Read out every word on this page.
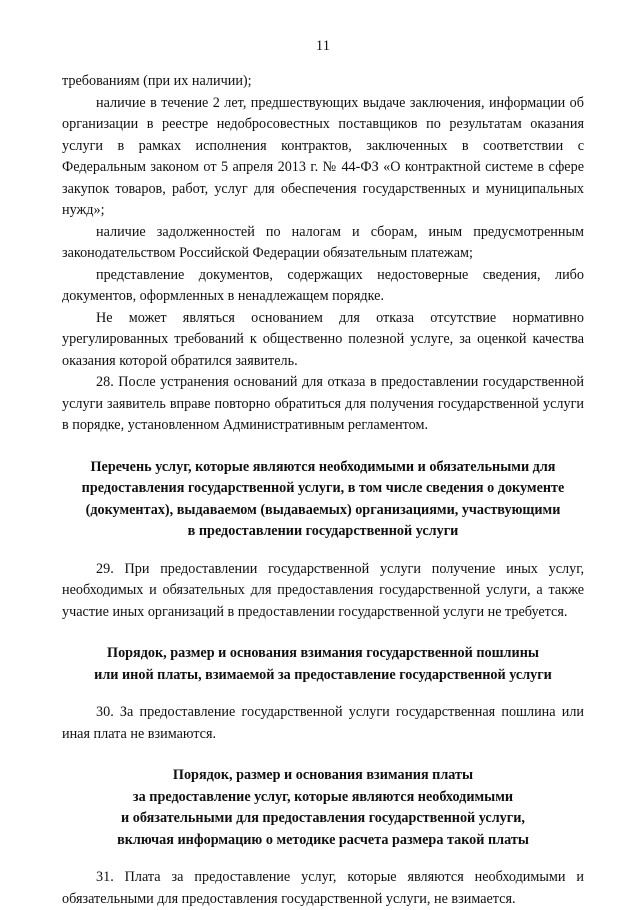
11

требованиям (при их наличии);

наличие в течение 2 лет, предшествующих выдаче заключения, информации об организации в реестре недобросовестных поставщиков по результатам оказания услуги в рамках исполнения контрактов, заключенных в соответствии с Федеральным законом от 5 апреля 2013 г. № 44-ФЗ «О контрактной системе в сфере закупок товаров, работ, услуг для обеспечения государственных и муниципальных нужд»;

наличие задолженностей по налогам и сборам, иным предусмотренным законодательством Российской Федерации обязательным платежам;

представление документов, содержащих недостоверные сведения, либо документов, оформленных в ненадлежащем порядке.

Не может являться основанием для отказа отсутствие нормативно урегулированных требований к общественно полезной услуге, за оценкой качества оказания которой обратился заявитель.

28. После устранения оснований для отказа в предоставлении государственной услуги заявитель вправе повторно обратиться для получения государственной услуги в порядке, установленном Административным регламентом.

Перечень услуг, которые являются необходимыми и обязательными для
предоставления государственной услуги, в том числе сведения о документе
(документах), выдаваемом (выдаваемых) организациями, участвующими
в предоставлении государственной услуги

29. При предоставлении государственной услуги получение иных услуг, необходимых и обязательных для предоставления государственной услуги, а также участие иных организаций в предоставлении государственной услуги не требуется.

Порядок, размер и основания взимания государственной пошлины
или иной платы, взимаемой за предоставление государственной услуги

30. За предоставление государственной услуги государственная пошлина или иная плата не взимаются.

Порядок, размер и основания взимания платы
за предоставление услуг, которые являются необходимыми
и обязательными для предоставления государственной услуги,
включая информацию о методике расчета размера такой платы

31. Плата за предоставление услуг, которые являются необходимыми и обязательными для предоставления государственной услуги, не взимается.
